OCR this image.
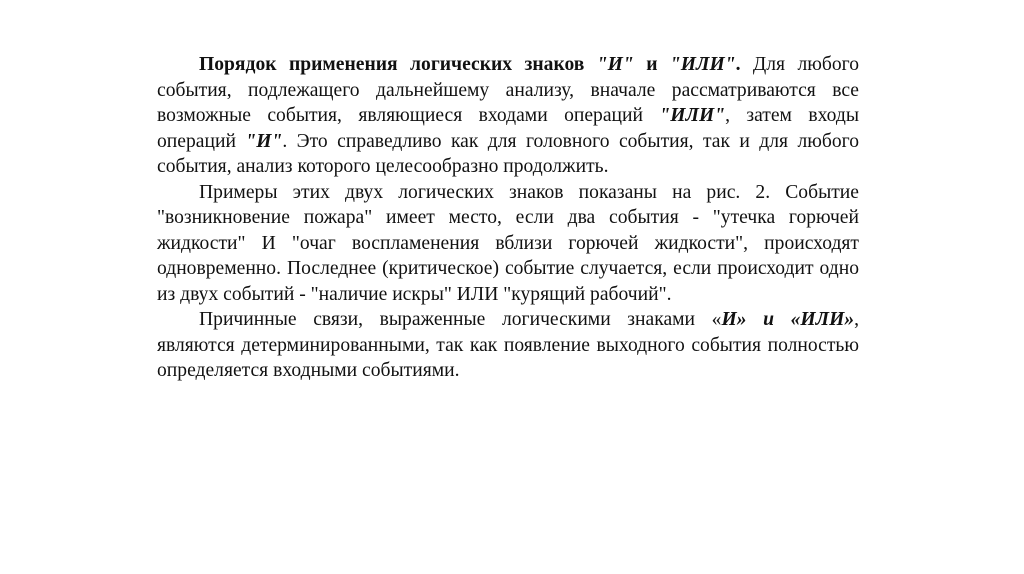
Порядок применения логических знаков "И" и "ИЛИ". Для любого события, подлежащего дальнейшему анализу, вначале рассматриваются все возможные события, являющиеся входами операций "ИЛИ", затем входы операций "И". Это справедливо как для головного события, так и для любого события, анализ которого целесообразно продолжить.

Примеры этих двух логических знаков показаны на рис. 2. Событие "возникновение пожара" имеет место, если два события - "утечка горючей жидкости" И "очаг воспламенения вблизи горючей жидкости", происходят одновременно. Последнее (критическое) событие случается, если происходит одно из двух событий - "наличие искры" ИЛИ "курящий рабочий".

Причинные связи, выраженные логическими знаками «И» и «ИЛИ», являются детерминированными, так как появление выходного события полностью определяется входными событиями.
